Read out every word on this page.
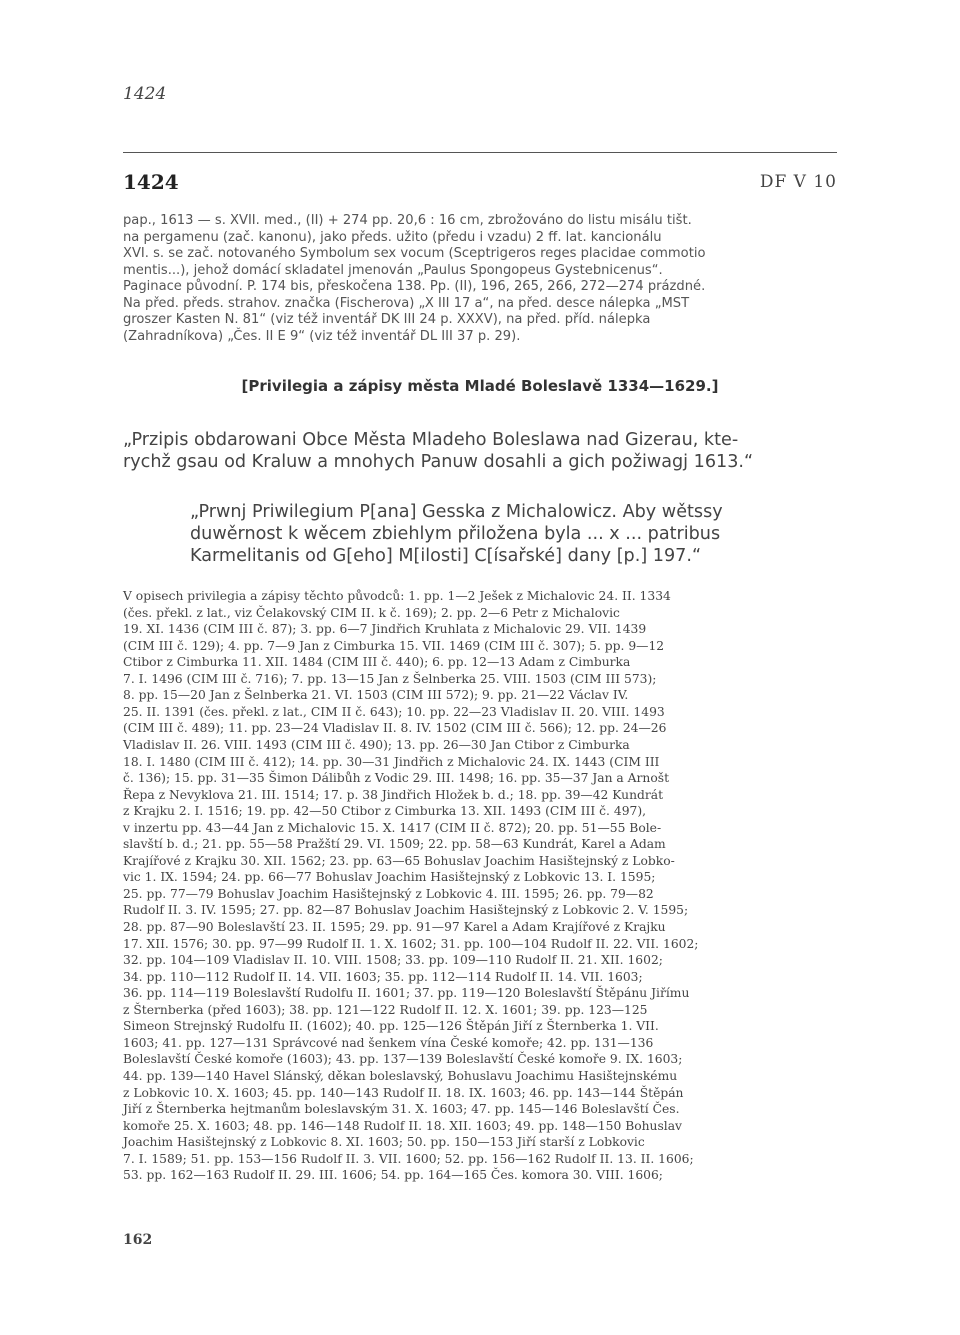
1424
1424	DF V 10
pap., 1613 — s. XVII. med., (II) + 274 pp. 20,6 : 16 cm, zbrožováno do listu misálu tišt.
na pergamenu (zač. kanonu), jako předs. užito (předu i vzadu) 2 ff. lat. kancionálu
XVI. s. se zač. notovaného Symbolum sex vocum (Sceptrigeros reges placidae commotio
mentis...), jehož domácí skladatel jmenován „Paulus Spongopeus Gystebnicenus“.
Paginace původní. P. 174 bis, přeskočena 138. Pp. (II), 196, 265, 266, 272—274 prázdné.
Na před. předs. strahov. značka (Fischerova) „X III 17 a“, na před. desce nálepka „MST
groszer Kasten N. 81“ (viz též inventář DK III 24 p. XXXV), na před. příd. nálepka
(Zahradníkova) „Čes. II E 9“ (viz též inventář DL III 37 p. 29).
[Privilegia a zápisy města Mladé Boleslavě 1334—1629.]
„Przipis obdarowani Obce Města Mladeho Boleslawa nad Gizerau, kte-
rychž gsau od Kraluw a mnohych Panuw dosahli a gich požiwagj 1613.“
„Prwnj Priwilegium P[ana] Gesska z Michalowicz. Aby wětssy
duwěrnost k wěcem zbiehlym přiložena byla ... x ... patribus
Karmelitanis od G[eho] M[ilosti] C[ísařské] dany [p.] 197.“
V opisech privilegia a zápisy těchto původců: 1. pp. 1—2 Ješek z Michalovic 24. II. 1334
(čes. překl. z lat., viz Čelakovský CIM II. k č. 169); 2. pp. 2—6 Petr z Michalovic
19. XI. 1436 (CIM III č. 87); 3. pp. 6—7 Jindřich Kruhlata z Michalovic 29. VII. 1439
(CIM III č. 129); 4. pp. 7—9 Jan z Cimburka 15. VII. 1469 (CIM III č. 307); 5. pp. 9—12
Ctibor z Cimburka 11. XII. 1484 (CIM III č. 440); 6. pp. 12—13 Adam z Cimburka
7. I. 1496 (CIM III č. 716); 7. pp. 13—15 Jan z Šelnberka 25. VIII. 1503 (CIM III 573);
8. pp. 15—20 Jan z Šelnberka 21. VI. 1503 (CIM III 572); 9. pp. 21—22 Václav IV.
25. II. 1391 (čes. překl. z lat., CIM II č. 643); 10. pp. 22—23 Vladislav II. 20. VIII. 1493
(CIM III č. 489); 11. pp. 23—24 Vladislav II. 8. IV. 1502 (CIM III č. 566); 12. pp. 24—26
Vladislav II. 26. VIII. 1493 (CIM III č. 490); 13. pp. 26—30 Jan Ctibor z Cimburka
18. I. 1480 (CIM III č. 412); 14. pp. 30—31 Jindřich z Michalovic 24. IX. 1443 (CIM III
č. 136); 15. pp. 31—35 Šimon Dálibůh z Vodic 29. III. 1498; 16. pp. 35—37 Jan a Arnošt
Řepa z Nevyklova 21. III. 1514; 17. p. 38 Jindřich Hložek b. d.; 18. pp. 39—42 Kundrát
z Krajku 2. I. 1516; 19. pp. 42—50 Ctibor z Cimburka 13. XII. 1493 (CIM III č. 497),
v inzertu pp. 43—44 Jan z Michalovic 15. X. 1417 (CIM II č. 872); 20. pp. 51—55 Bole-
slavští b. d.; 21. pp. 55—58 Pražští 29. VI. 1509; 22. pp. 58—63 Kundrát, Karel a Adam
Krajířové z Krajku 30. XII. 1562; 23. pp. 63—65 Bohuslav Joachim Hasištejnský z Lobko-
vic 1. IX. 1594; 24. pp. 66—77 Bohuslav Joachim Hasištejnský z Lobkovic 13. I. 1595;
25. pp. 77—79 Bohuslav Joachim Hasištejnský z Lobkovic 4. III. 1595; 26. pp. 79—82
Rudolf II. 3. IV. 1595; 27. pp. 82—87 Bohuslav Joachim Hasištejnský z Lobkovic 2. V. 1595;
28. pp. 87—90 Boleslavští 23. II. 1595; 29. pp. 91—97 Karel a Adam Krajířové z Krajku
17. XII. 1576; 30. pp. 97—99 Rudolf II. 1. X. 1602; 31. pp. 100—104 Rudolf II. 22. VII. 1602;
32. pp. 104—109 Vladislav II. 10. VIII. 1508; 33. pp. 109—110 Rudolf II. 21. XII. 1602;
34. pp. 110—112 Rudolf II. 14. VII. 1603; 35. pp. 112—114 Rudolf II. 14. VII. 1603;
36. pp. 114—119 Boleslavští Rudolfu II. 1601; 37. pp. 119—120 Boleslavští Štěpánu Jiřímu
z Šternberka (před 1603); 38. pp. 121—122 Rudolf II. 12. X. 1601; 39. pp. 123—125
Simeon Strejnský Rudolfu II. (1602); 40. pp. 125—126 Štěpán Jiří z Šternberka 1. VII.
1603; 41. pp. 127—131 Správcové nad šenkem vína České komoře; 42. pp. 131—136
Boleslavští České komoře (1603); 43. pp. 137—139 Boleslavští České komoře 9. IX. 1603;
44. pp. 139—140 Havel Slánský, děkan boleslavský, Bohuslavu Joachimu Hasištejnskému
z Lobkovic 10. X. 1603; 45. pp. 140—143 Rudolf II. 18. IX. 1603; 46. pp. 143—144 Štěpán
Jiří z Šternberka hejtmanům boleslavským 31. X. 1603; 47. pp. 145—146 Boleslavští Čes.
komoře 25. X. 1603; 48. pp. 146—148 Rudolf II. 18. XII. 1603; 49. pp. 148—150 Bohuslav
Joachim Hasištejnský z Lobkovic 8. XI. 1603; 50. pp. 150—153 Jiří starší z Lobkovic
7. I. 1589; 51. pp. 153—156 Rudolf II. 3. VII. 1600; 52. pp. 156—162 Rudolf II. 13. II. 1606;
53. pp. 162—163 Rudolf II. 29. III. 1606; 54. pp. 164—165 Čes. komora 30. VIII. 1606;
162
